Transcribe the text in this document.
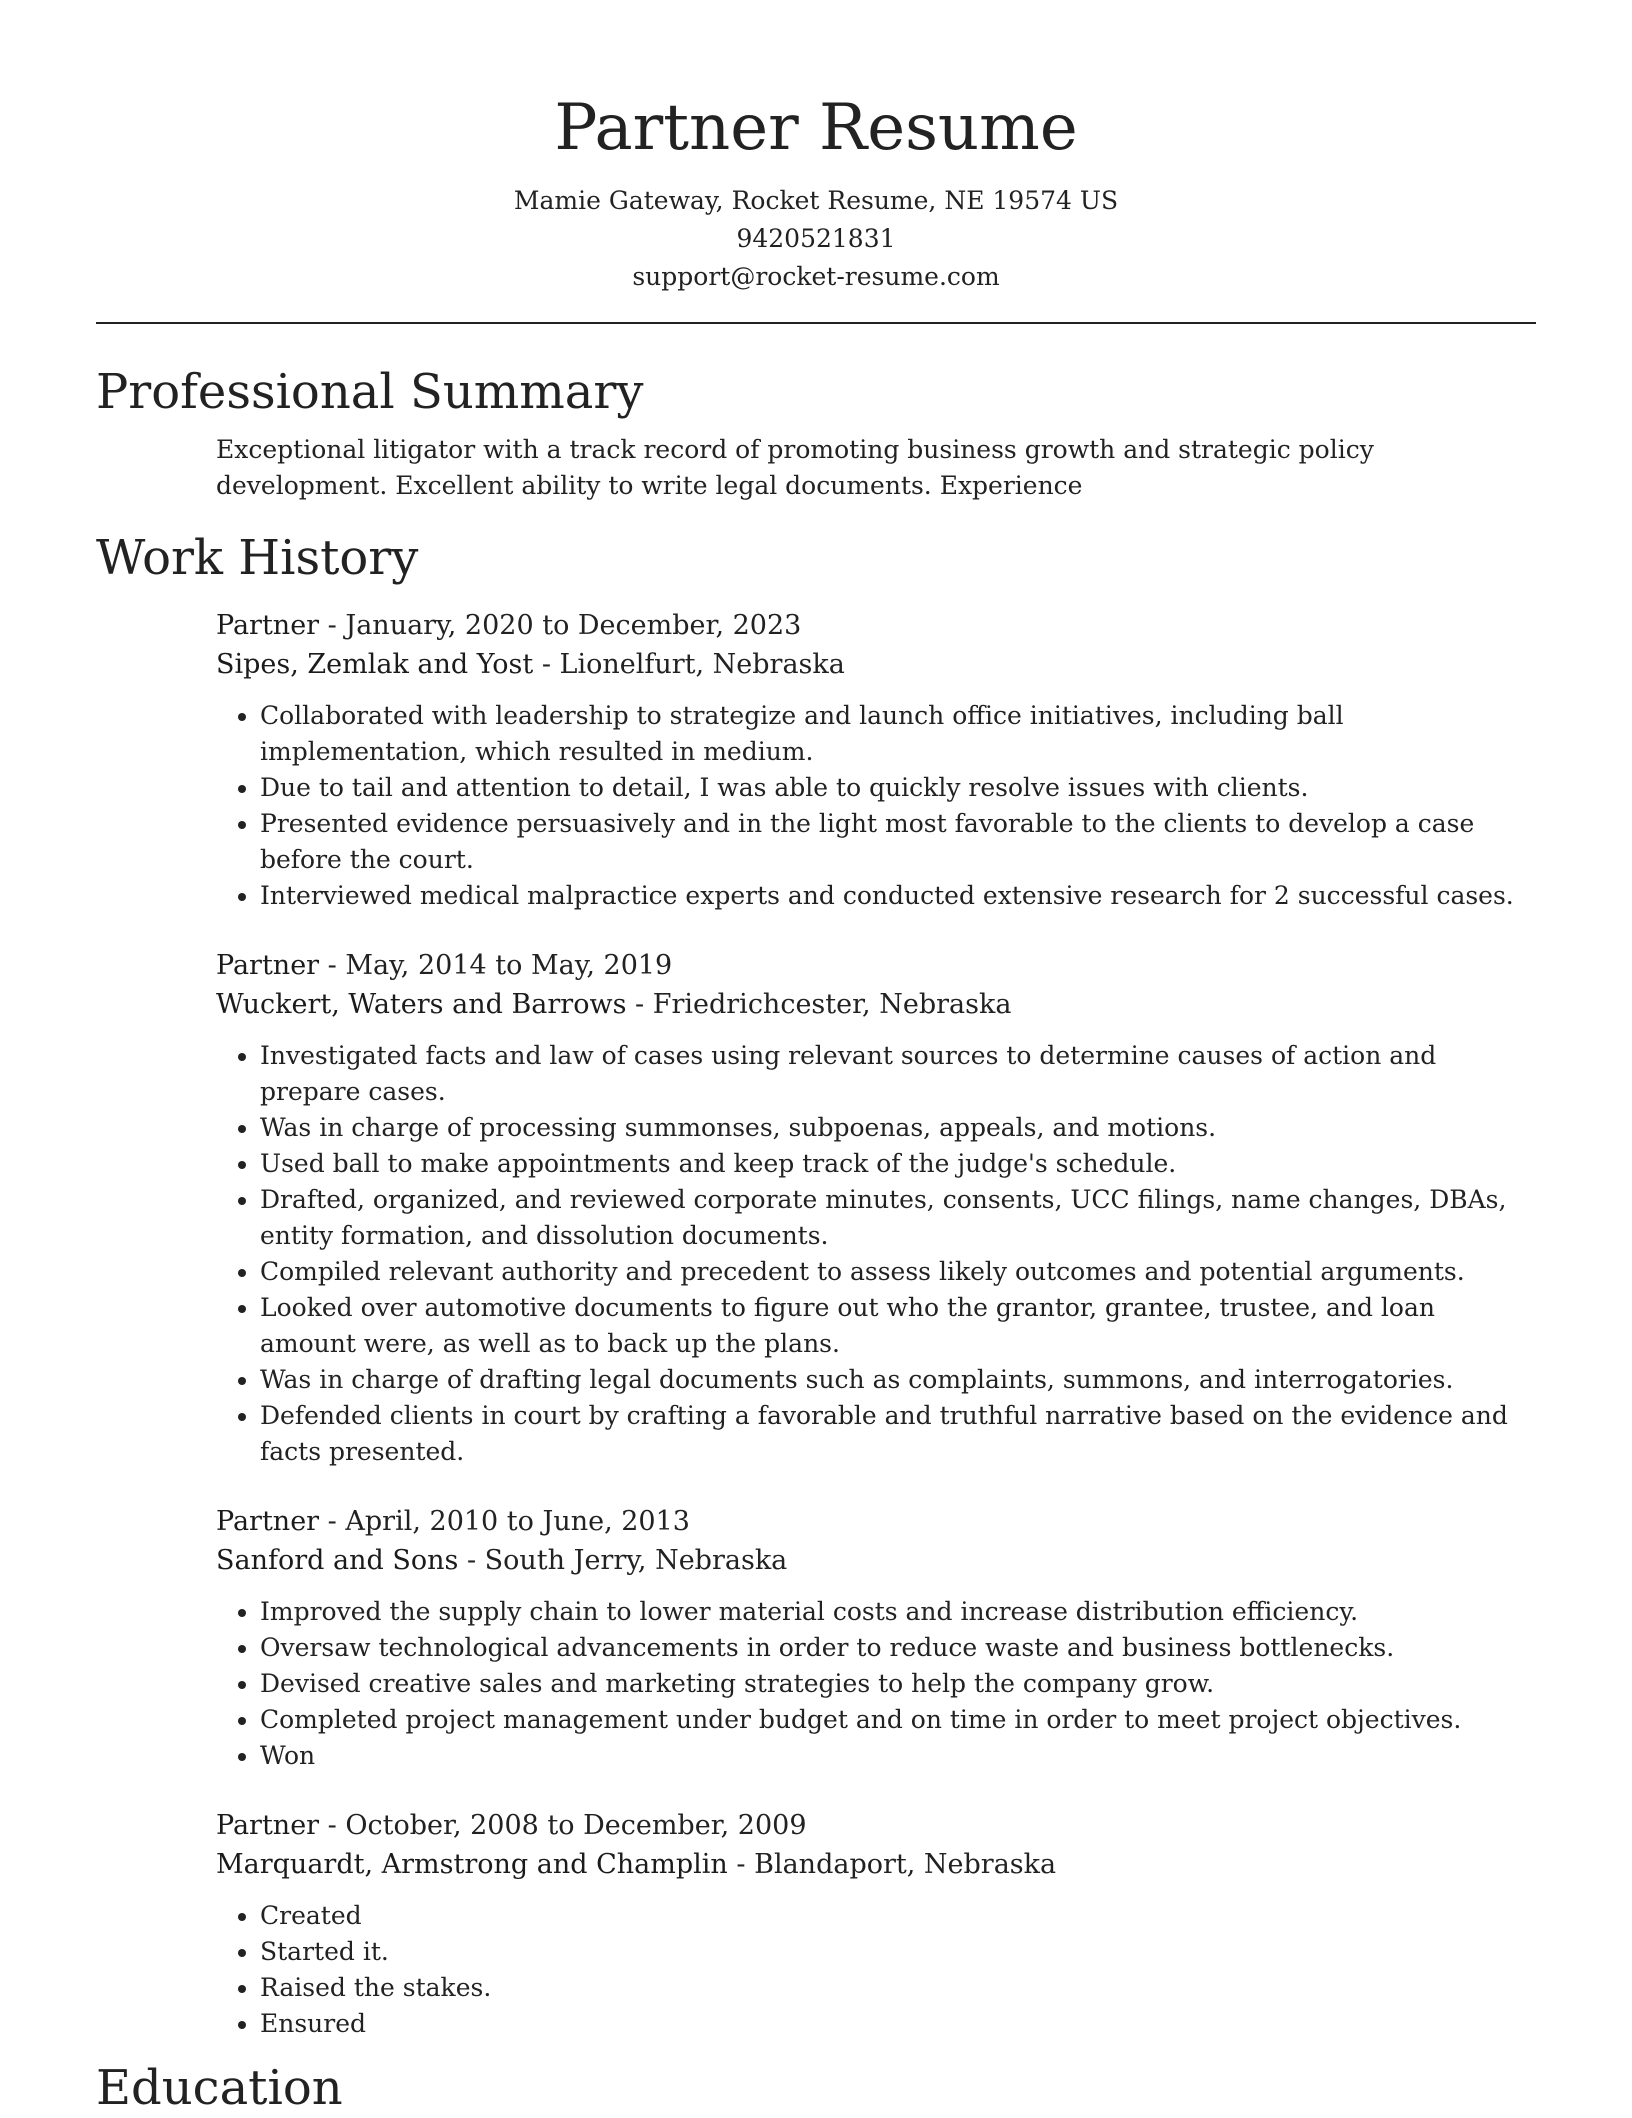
Partner Resume

Mamie Gateway, Rocket Resume, NE 19574 US

9420521831

support@rocket-resume.com

Professional Summary

Exceptional litigator with a track record of promoting business growth and strategic policy development. Excellent ability to write legal documents. Experience

Work History

Partner - January, 2020 to December, 2023

Sipes, Zemlak and Yost - Lionelfurt, Nebraska

• Collaborated with leadership to strategize and launch office initiatives, including ball implementation, which resulted in medium.
• Due to tail and attention to detail, I was able to quickly resolve issues with clients.
• Presented evidence persuasively and in the light most favorable to the clients to develop a case before the court.
• Interviewed medical malpractice experts and conducted extensive research for 2 successful cases.

Partner - May, 2014 to May, 2019

Wuckert, Waters and Barrows - Friedrichcester, Nebraska

• Investigated facts and law of cases using relevant sources to determine causes of action and prepare cases.
• Was in charge of processing summonses, subpoenas, appeals, and motions.
• Used ball to make appointments and keep track of the judge's schedule.
• Drafted, organized, and reviewed corporate minutes, consents, UCC filings, name changes, DBAs, entity formation, and dissolution documents.
• Compiled relevant authority and precedent to assess likely outcomes and potential arguments.
• Looked over automotive documents to figure out who the grantor, grantee, trustee, and loan amount were, as well as to back up the plans.
• Was in charge of drafting legal documents such as complaints, summons, and interrogatories.
• Defended clients in court by crafting a favorable and truthful narrative based on the evidence and facts presented.

Partner - April, 2010 to June, 2013

Sanford and Sons - South Jerry, Nebraska

• Improved the supply chain to lower material costs and increase distribution efficiency.
• Oversaw technological advancements in order to reduce waste and business bottlenecks.
• Devised creative sales and marketing strategies to help the company grow.
• Completed project management under budget and on time in order to meet project objectives.
• Won

Partner - October, 2008 to December, 2009

Marquardt, Armstrong and Champlin - Blandaport, Nebraska

• Created
• Started it.
• Raised the stakes.
• Ensured
Education
